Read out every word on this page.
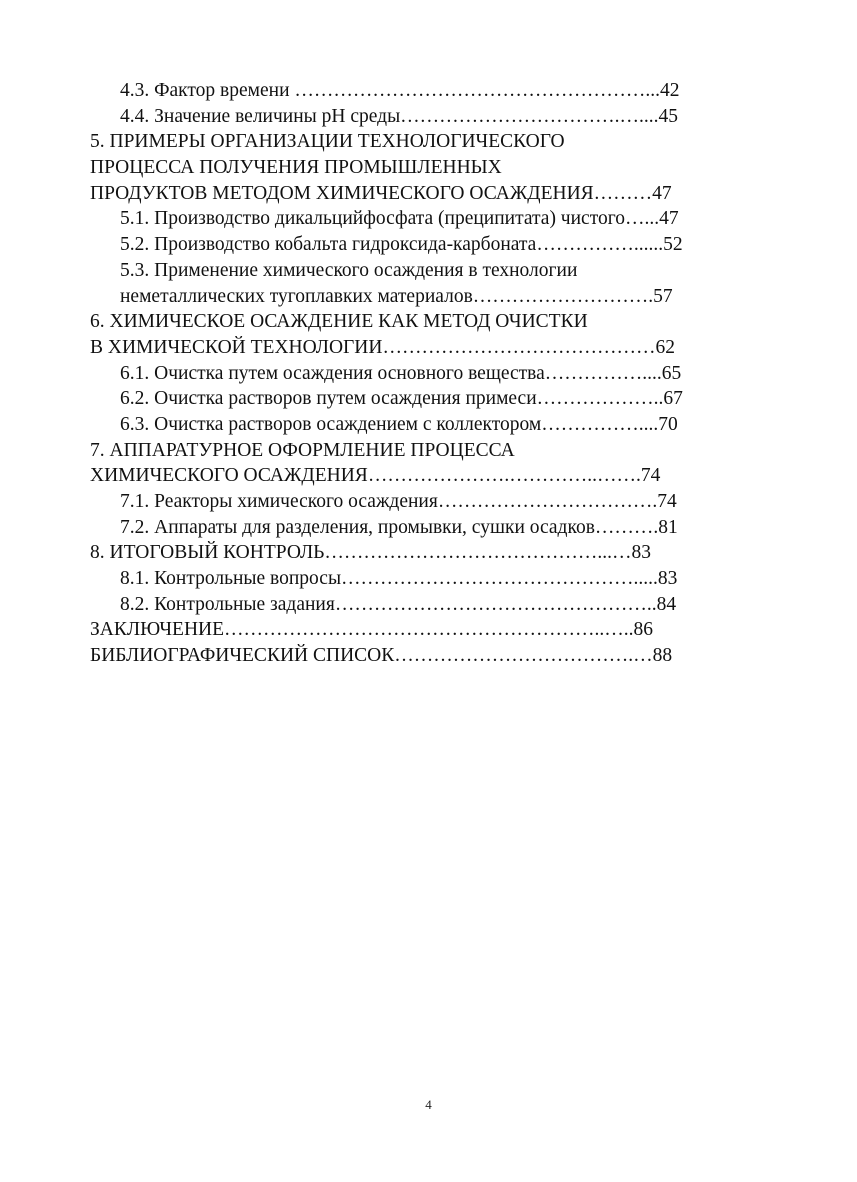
4.3. Фактор времени ………………………………………………...42
4.4. Значение величины pH среды…………………………….…....45
5. ПРИМЕРЫ ОРГАНИЗАЦИИ ТЕХНОЛОГИЧЕСКОГО
ПРОЦЕССА ПОЛУЧЕНИЯ ПРОМЫШЛЕННЫХ
ПРОДУКТОВ МЕТОДОМ ХИМИЧЕСКОГО ОСАЖДЕНИЯ………47
5.1. Производство дикальцийфосфата (преципитата) чистого…...47
5.2. Производство кобальта гидроксида-карбоната……………......52
5.3. Применение химического осаждения в технологии
неметаллических тугоплавких материалов……………………….57
6. ХИМИЧЕСКОЕ ОСАЖДЕНИЕ КАК МЕТОД ОЧИСТКИ
В ХИМИЧЕСКОЙ ТЕХНОЛОГИИ……………………………………62
6.1. Очистка путем осаждения основного вещества……………....65
6.2. Очистка растворов путем осаждения примеси………………..67
6.3. Очистка растворов осаждением с коллектором……………....70
7. АППАРАТУРНОЕ ОФОРМЛЕНИЕ ПРОЦЕССА
ХИМИЧЕСКОГО ОСАЖДЕНИЯ………………….…………..…….74
7.1. Реакторы химического осаждения…………………………….74
7.2. Аппараты для разделения, промывки, сушки осадков……….81
8. ИТОГОВЫЙ КОНТРОЛЬ……………………………………...…83
8.1. Контрольные вопросы……………………………………….....83
8.2. Контрольные задания…………………………………………..84
ЗАКЛЮЧЕНИЕ…………………………………………………..…..86
БИБЛИОГРАФИЧЕСКИЙ СПИСОК……………………………….…88
4
